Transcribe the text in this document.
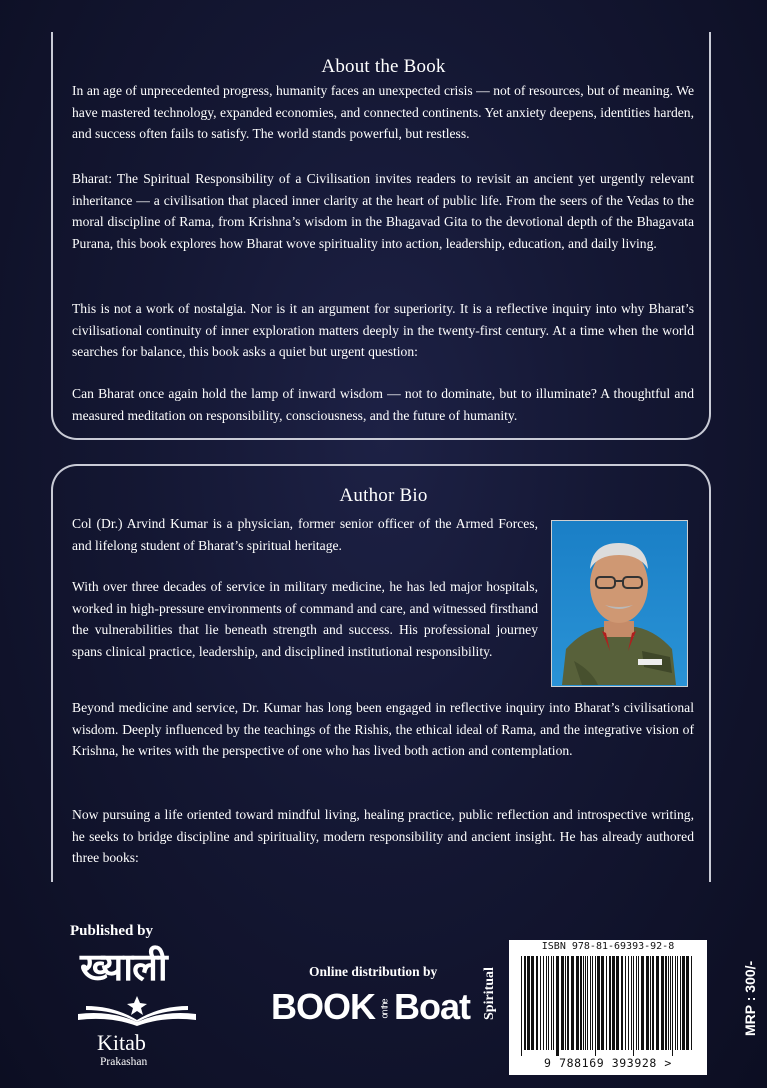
About the Book

In an age of unprecedented progress, humanity faces an unexpected crisis — not of resources, but of meaning. We have mastered technology, expanded economies, and connected continents. Yet anxiety deepens, identities harden, and success often fails to satisfy. The world stands powerful, but restless.

Bharat: The Spiritual Responsibility of a Civilisation invites readers to revisit an ancient yet urgently relevant inheritance — a civilisation that placed inner clarity at the heart of public life. From the seers of the Vedas to the moral discipline of Rama, from Krishna’s wisdom in the Bhagavad Gita to the devotional depth of the Bhagavata Purana, this book explores how Bharat wove spirituality into action, leadership, education, and daily living.

This is not a work of nostalgia. Nor is it an argument for superiority. It is a reflective inquiry into why Bharat’s civilisational continuity of inner exploration matters deeply in the twenty-first century. At a time when the world searches for balance, this book asks a quiet but urgent question:

Can Bharat once again hold the lamp of inward wisdom — not to dominate, but to illuminate? A thoughtful and measured meditation on responsibility, consciousness, and the future of humanity.

Author Bio

Col (Dr.) Arvind Kumar is a physician, former senior officer of the Armed Forces, and lifelong student of Bharat’s spiritual heritage.

With over three decades of service in military medicine, he has led major hospitals, worked in high-pressure environments of command and care, and witnessed firsthand the vulnerabilities that lie beneath strength and success. His professional journey spans clinical practice, leadership, and disciplined institutional responsibility.

Beyond medicine and service, Dr. Kumar has long been engaged in reflective inquiry into Bharat’s civilisational wisdom. Deeply influenced by the teachings of the Rishis, the ethical ideal of Rama, and the integrative vision of Krishna, he writes with the perspective of one who has lived both action and contemplation.

Now pursuing a life oriented toward mindful living, healing practice, public reflection and introspective writing, he seeks to bridge discipline and spirituality, modern responsibility and ancient insight. He has already authored three books:

Published by
ख्याली
Kitab
Prakashan
Online distribution by
BOOK on the Boat Spiritual
ISBN 978-81-69393-92-8
9 788169 393928 >
MRP : 300/-
